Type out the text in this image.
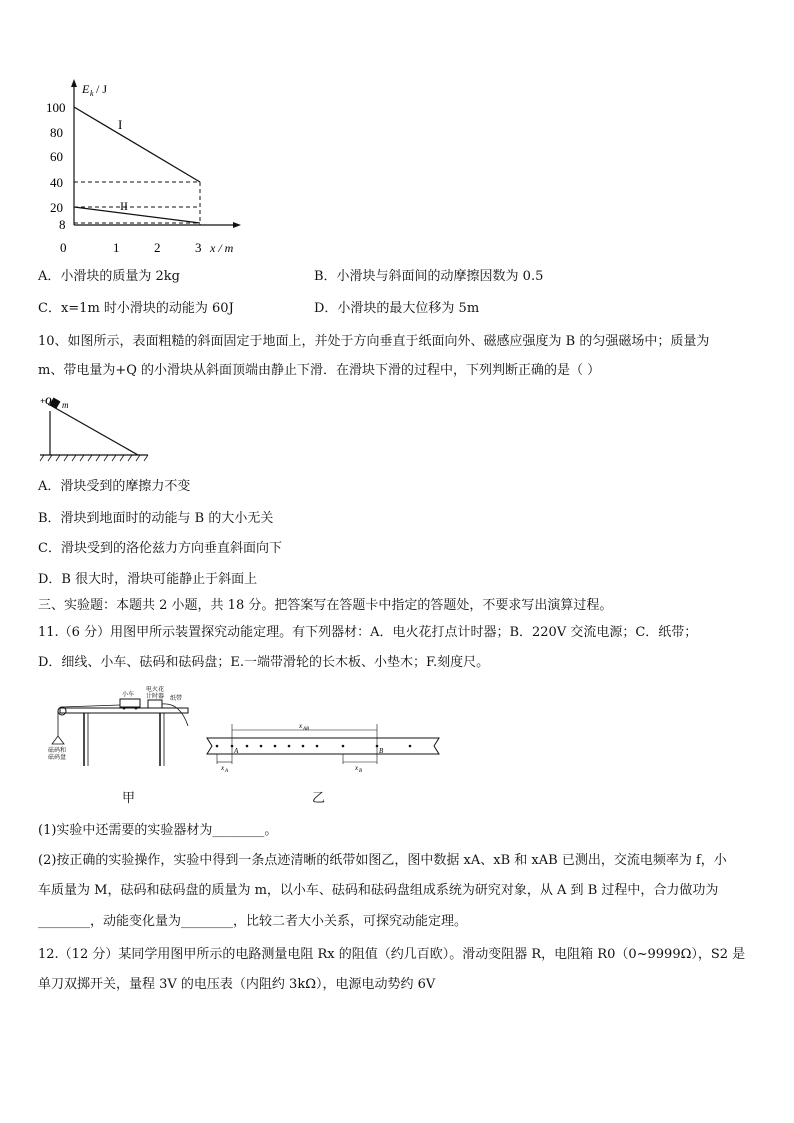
E k / J
100
80
60
40
20
8
0	1	2	3 x / m
I
II
A．小滑块的质量为 2kg	B．小滑块与斜面间的动摩擦因数为 0.5
C．x=1m 时小滑块的动能为 60J	D．小滑块的最大位移为 5m
10、如图所示，表面粗糙的斜面固定于地面上，并处于方向垂直于纸面向外、磁感应强度为 B 的匀强磁场中；质量为
m、带电量为+Q 的小滑块从斜面顶端由静止下滑．在滑块下滑的过程中，下列判断正确的是（ ）
+Q m
A．滑块受到的摩擦力不变
B．滑块到地面时的动能与 B 的大小无关
C．滑块受到的洛伦兹力方向垂直斜面向下
D．B 很大时，滑块可能静止于斜面上
三、实验题：本题共 2 小题，共 18 分。把答案写在答题卡中指定的答题处，不要求写出演算过程。
11.（6 分）用图甲所示装置探究动能定理。有下列器材：A．电火花打点计时器；B．220V 交流电源；C．纸带；
D．细线、小车、砝码和砝码盘；E.一端带滑轮的长木板、小垫木；F.刻度尺。
小车
电火花
计时器 纸带
砝码和
砝码盘
甲
x AB
A	B
x A	x B
乙
(1)实验中还需要的实验器材为________。
(2)按正确的实验操作，实验中得到一条点迹清晰的纸带如图乙，图中数据 xA、xB 和 xAB 已测出，交流电频率为 f，小
车质量为 M，砝码和砝码盘的质量为 m，以小车、砝码和砝码盘组成系统为研究对象，从 A 到 B 过程中，合力做功为
________，动能变化量为________，比较二者大小关系，可探究动能定理。
12.（12 分）某同学用图甲所示的电路测量电阻 Rx 的阻值（约几百欧）。滑动变阻器 R，电阻箱 R0（0~9999Ω），S2 是
单刀双掷开关，量程 3V 的电压表（内阻约 3kΩ），电源电动势约 6V
